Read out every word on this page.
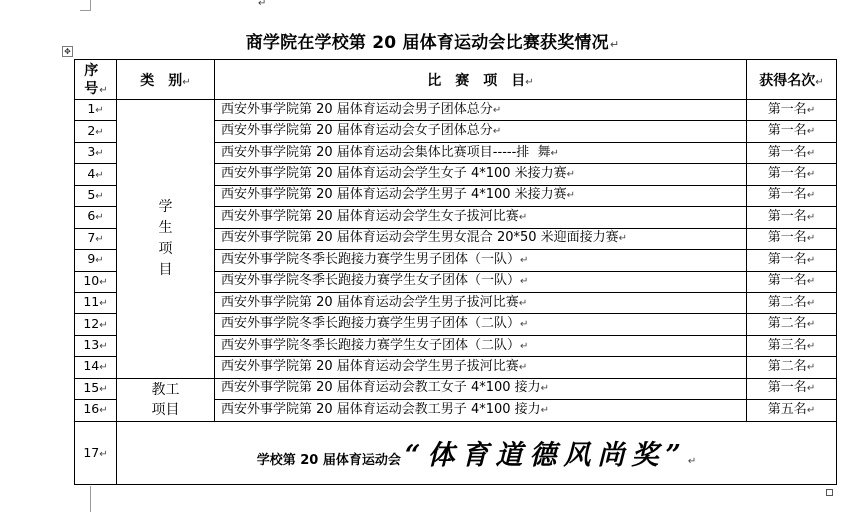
↵
商学院在学校第 20 届体育运动会比赛获奖情况↵
✥
序号↵	类　别↵	比　赛　项　目↵	获得名次↵
1↵	学生项目	西安外事学院第 20 届体育运动会男子团体总分↵	第一名↵
2↵		西安外事学院第 20 届体育运动会女子团体总分↵	第一名↵
3↵		西安外事学院第 20 届体育运动会集体比赛项目-----排  舞↵	第一名↵
4↵		西安外事学院第 20 届体育运动会学生女子 4*100 米接力赛↵	第一名↵
5↵		西安外事学院第 20 届体育运动会学生男子 4*100 米接力赛↵	第一名↵
6↵		西安外事学院第 20 届体育运动会学生女子拔河比赛↵	第一名↵
7↵		西安外事学院第 20 届体育运动会学生男女混合 20*50 米迎面接力赛↵	第一名↵
9↵		西安外事学院冬季长跑接力赛学生男子团体（一队）↵	第一名↵
10↵		西安外事学院冬季长跑接力赛学生女子团体（一队）↵	第一名↵
11↵		西安外事学院第 20 届体育运动会学生男子拔河比赛↵	第二名↵
12↵		西安外事学院冬季长跑接力赛学生男子团体（二队）↵	第二名↵
13↵		西安外事学院冬季长跑接力赛学生女子团体（二队）↵	第三名↵
14↵		西安外事学院第 20 届体育运动会学生男子拔河比赛↵	第二名↵
15↵	教工项目	西安外事学院第 20 届体育运动会教工女子 4*100 接力↵	第一名↵
16↵		西安外事学院第 20 届体育运动会教工男子 4*100 接力↵	第五名↵
17↵	学校第 20 届体育运动会 “体育道德风尚奖”↵		
